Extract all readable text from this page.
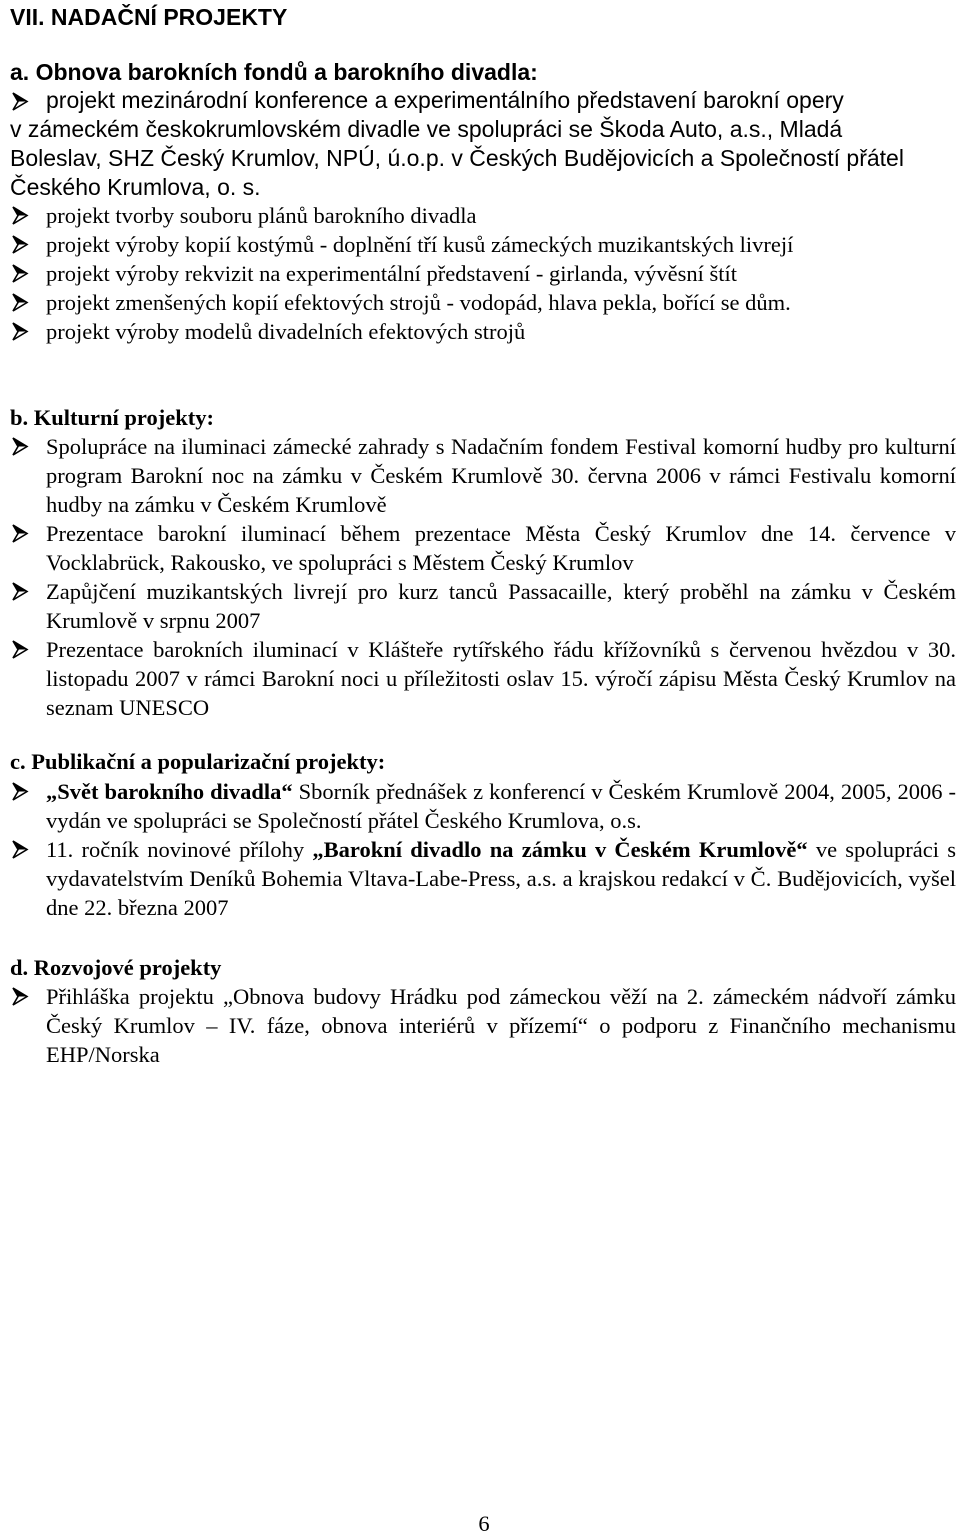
VII. NADAČNÍ PROJEKTY
a. Obnova barokních fondů a barokního divadla:
projekt mezinárodní konference a experimentálního představení barokní opery
v zámeckém českokrumlovském divadle ve spolupráci se Škoda Auto, a.s., Mladá
Boleslav, SHZ Český Krumlov, NPÚ, ú.o.p. v Českých Budějovicích a Společností přátel
Českého Krumlova, o. s.
projekt tvorby souboru plánů barokního divadla
projekt výroby kopií kostýmů - doplnění tří kusů zámeckých muzikantských livrejí
projekt výroby rekvizit na experimentální představení - girlanda, vývěsní štít
projekt zmenšených kopií efektových strojů - vodopád, hlava pekla, bořící se dům.
projekt výroby modelů divadelních efektových strojů
b. Kulturní projekty:
Spolupráce na iluminaci zámecké zahrady s Nadačním fondem Festival komorní hudby pro kulturní program Barokní noc na zámku v Českém Krumlově 30. června 2006 v rámci Festivalu komorní hudby na zámku v Českém Krumlově
Prezentace barokní iluminací během prezentace Města Český Krumlov dne 14. července v Vocklabrück, Rakousko, ve spolupráci s Městem Český Krumlov
Zapůjčení muzikantských livrejí pro kurz tanců Passacaille, který proběhl na zámku v Českém Krumlově v srpnu 2007
Prezentace barokních iluminací v Klášteře rytířského řádu křížovníků s červenou hvězdou v 30. listopadu 2007 v rámci Barokní noci u příležitosti oslav 15. výročí zápisu Města Český Krumlov na seznam UNESCO
c. Publikační a popularizační projekty:
„Svět barokního divadla“ Sborník přednášek z konferencí v Českém Krumlově 2004, 2005, 2006 - vydán ve spolupráci se Společností přátel Českého Krumlova, o.s.
11. ročník novinové přílohy „Barokní divadlo na zámku v Českém Krumlově“ ve spolupráci s vydavatelstvím Deníků Bohemia Vltava-Labe-Press, a.s. a krajskou redakcí v Č. Budějovicích, vyšel dne 22. března 2007
d. Rozvojové projekty
Přihláška projektu „Obnova budovy Hrádku pod zámeckou věží na 2. zámeckém nádvoří zámku Český Krumlov – IV. fáze, obnova interiérů v přízemí“ o podporu z Finančního mechanismu EHP/Norska
6
